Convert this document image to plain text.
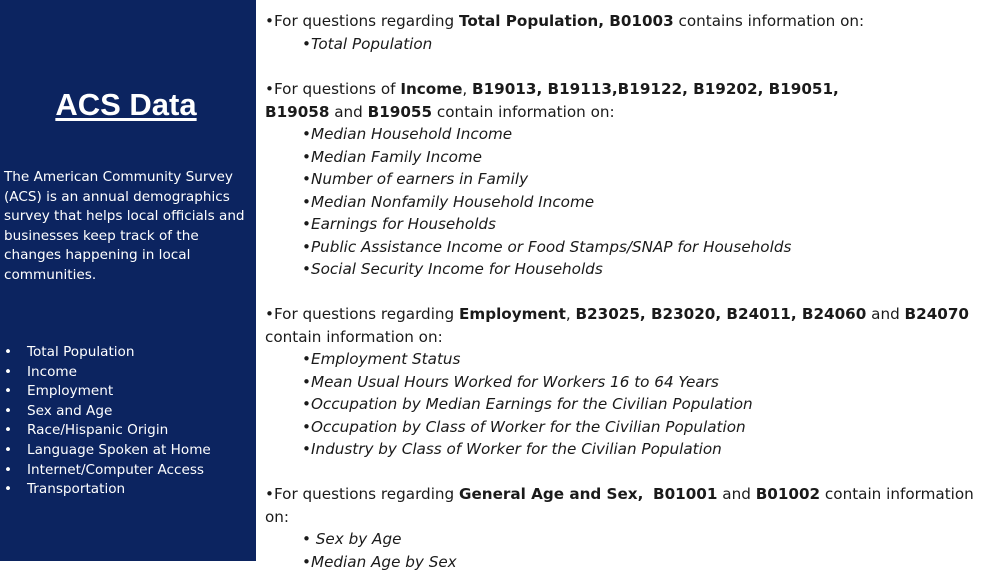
ACS Data

The American Community Survey (ACS) is an annual demographics survey that helps local officials and businesses keep track of the changes happening in local communities.

• Total Population
• Income
• Employment
• Sex and Age
• Race/Hispanic Origin
• Language Spoken at Home
• Internet/Computer Access
• Transportation

•For questions regarding Total Population, B01003 contains information on:

•Total Population

•For questions of Income, B19013, B19113,B19122, B19202, B19051,
B19058 and B19055 contain information on:

•Median Household Income
•Median Family Income
•Number of earners in Family
•Median Nonfamily Household Income
•Earnings for Households
•Public Assistance Income or Food Stamps/SNAP for Households
•Social Security Income for Households

•For questions regarding Employment, B23025, B23020, B24011, B24060 and B24070 contain information on:

•Employment Status
•Mean Usual Hours Worked for Workers 16 to 64 Years
•Occupation by Median Earnings for the Civilian Population
•Occupation by Class of Worker for the Civilian Population
•Industry by Class of Worker for the Civilian Population

•For questions regarding General Age and Sex, B01001 and B01002 contain information on:

• Sex by Age
•Median Age by Sex
